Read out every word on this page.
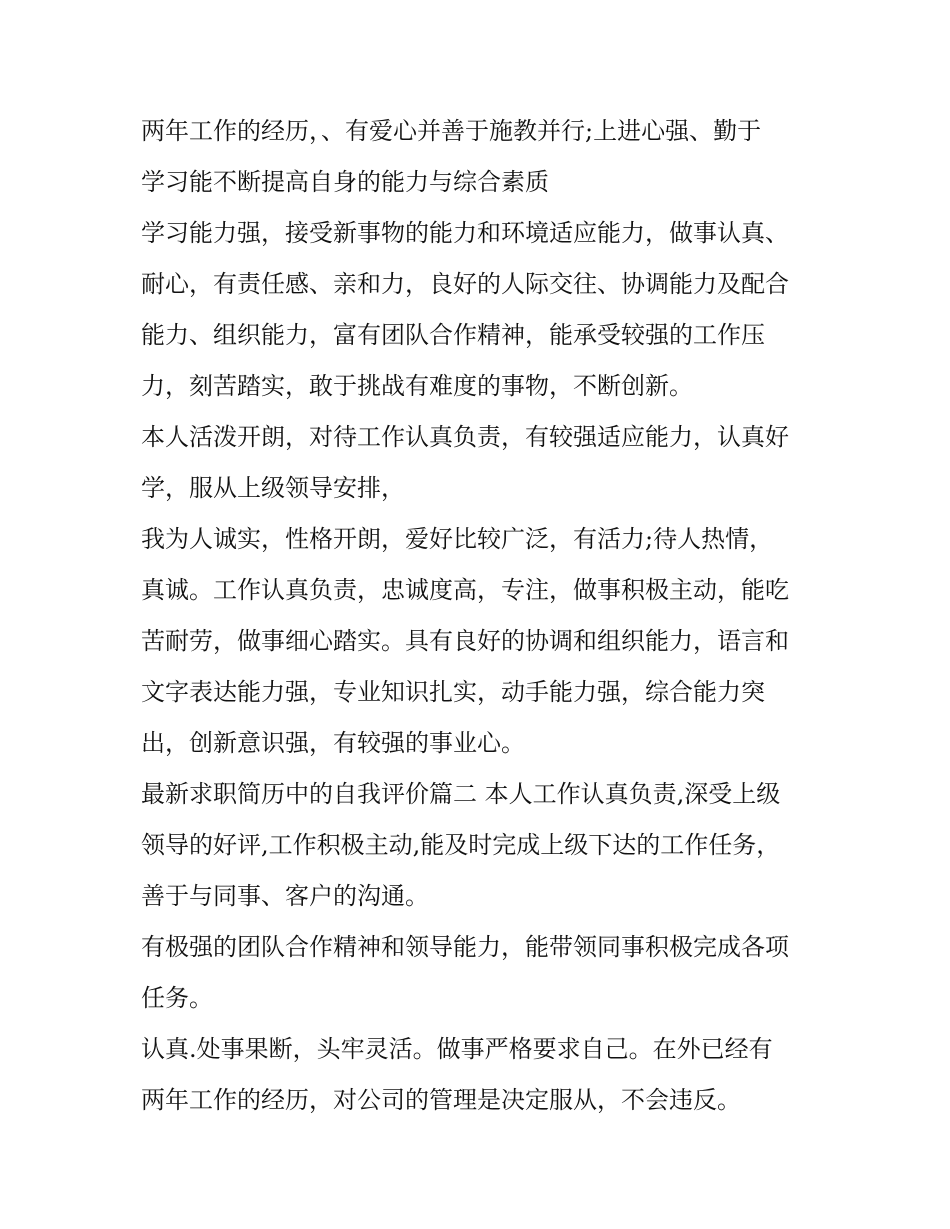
两年工作的经历，、有爱心并善于施教并行;上进心强、勤于

学习能不断提高自身的能力与综合素质

学习能力强，接受新事物的能力和环境适应能力，做事认真、

耐心，有责任感、亲和力，良好的人际交往、协调能力及配合

能力、组织能力，富有团队合作精神，能承受较强的工作压

力，刻苦踏实，敢于挑战有难度的事物，不断创新。

本人活泼开朗，对待工作认真负责，有较强适应能力，认真好

学，服从上级领导安排，

我为人诚实，性格开朗，爱好比较广泛，有活力;待人热情，

真诚。工作认真负责，忠诚度高，专注，做事积极主动，能吃

苦耐劳，做事细心踏实。具有良好的协调和组织能力，语言和

文字表达能力强，专业知识扎实，动手能力强，综合能力突

出，创新意识强，有较强的事业心。

最新求职简历中的自我评价篇二 本人工作认真负责,深受上级

领导的好评,工作积极主动,能及时完成上级下达的工作任务，

善于与同事、客户的沟通。

有极强的团队合作精神和领导能力，能带领同事积极完成各项

任务。

认真.处事果断，头牢灵活。做事严格要求自己。在外已经有

两年工作的经历，对公司的管理是决定服从，不会违反。
